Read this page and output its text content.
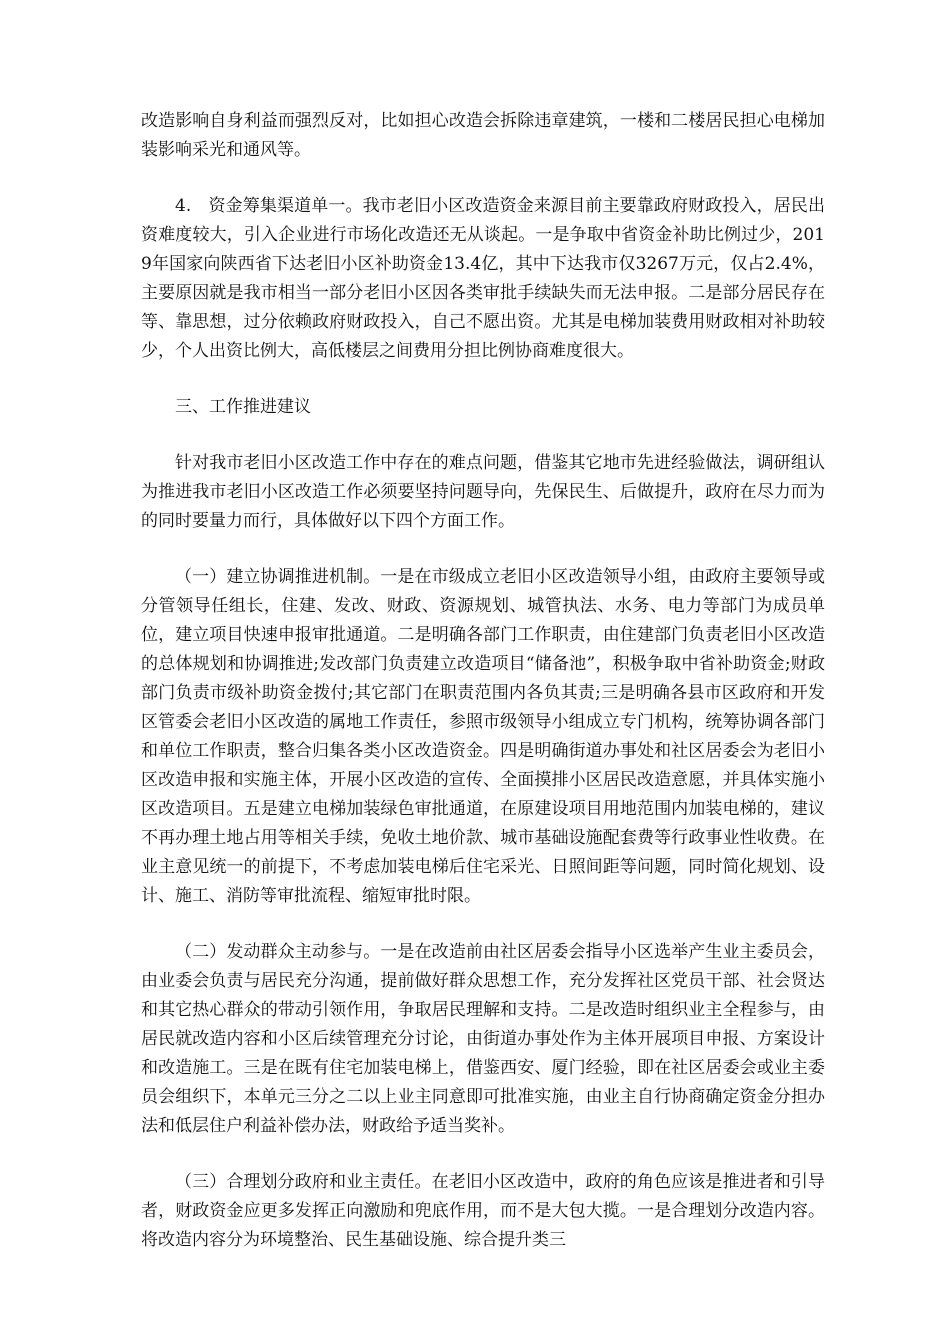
改造影响自身利益而强烈反对，比如担心改造会拆除违章建筑，一楼和二楼居民担心电梯加装影响采光和通风等。

4.　资金筹集渠道单一。我市老旧小区改造资金来源目前主要靠政府财政投入，居民出资难度较大，引入企业进行市场化改造还无从谈起。一是争取中省资金补助比例过少，2019年国家向陕西省下达老旧小区补助资金13.4亿，其中下达我市仅3267万元，仅占2.4%，主要原因就是我市相当一部分老旧小区因各类审批手续缺失而无法申报。二是部分居民存在等、靠思想，过分依赖政府财政投入，自己不愿出资。尤其是电梯加装费用财政相对补助较少，个人出资比例大，高低楼层之间费用分担比例协商难度很大。

三、工作推进建议

针对我市老旧小区改造工作中存在的难点问题，借鉴其它地市先进经验做法，调研组认为推进我市老旧小区改造工作必须要坚持问题导向，先保民生、后做提升，政府在尽力而为的同时要量力而行，具体做好以下四个方面工作。

（一）建立协调推进机制。一是在市级成立老旧小区改造领导小组，由政府主要领导或分管领导任组长，住建、发改、财政、资源规划、城管执法、水务、电力等部门为成员单位，建立项目快速申报审批通道。二是明确各部门工作职责，由住建部门负责老旧小区改造的总体规划和协调推进;发改部门负责建立改造项目“储备池”，积极争取中省补助资金;财政部门负责市级补助资金拨付;其它部门在职责范围内各负其责;三是明确各县市区政府和开发区管委会老旧小区改造的属地工作责任，参照市级领导小组成立专门机构，统筹协调各部门和单位工作职责，整合归集各类小区改造资金。四是明确街道办事处和社区居委会为老旧小区改造申报和实施主体，开展小区改造的宣传、全面摸排小区居民改造意愿，并具体实施小区改造项目。五是建立电梯加装绿色审批通道，在原建设项目用地范围内加装电梯的，建议不再办理土地占用等相关手续，免收土地价款、城市基础设施配套费等行政事业性收费。在业主意见统一的前提下，不考虑加装电梯后住宅采光、日照间距等问题，同时简化规划、设计、施工、消防等审批流程、缩短审批时限。

（二）发动群众主动参与。一是在改造前由社区居委会指导小区选举产生业主委员会，由业委会负责与居民充分沟通，提前做好群众思想工作，充分发挥社区党员干部、社会贤达和其它热心群众的带动引领作用，争取居民理解和支持。二是改造时组织业主全程参与，由居民就改造内容和小区后续管理充分讨论，由街道办事处作为主体开展项目申报、方案设计和改造施工。三是在既有住宅加装电梯上，借鉴西安、厦门经验，即在社区居委会或业主委员会组织下，本单元三分之二以上业主同意即可批准实施，由业主自行协商确定资金分担办法和低层住户利益补偿办法，财政给予适当奖补。

（三）合理划分政府和业主责任。在老旧小区改造中，政府的角色应该是推进者和引导者，财政资金应更多发挥正向激励和兜底作用，而不是大包大揽。一是合理划分改造内容。将改造内容分为环境整治、民生基础设施、综合提升类三
